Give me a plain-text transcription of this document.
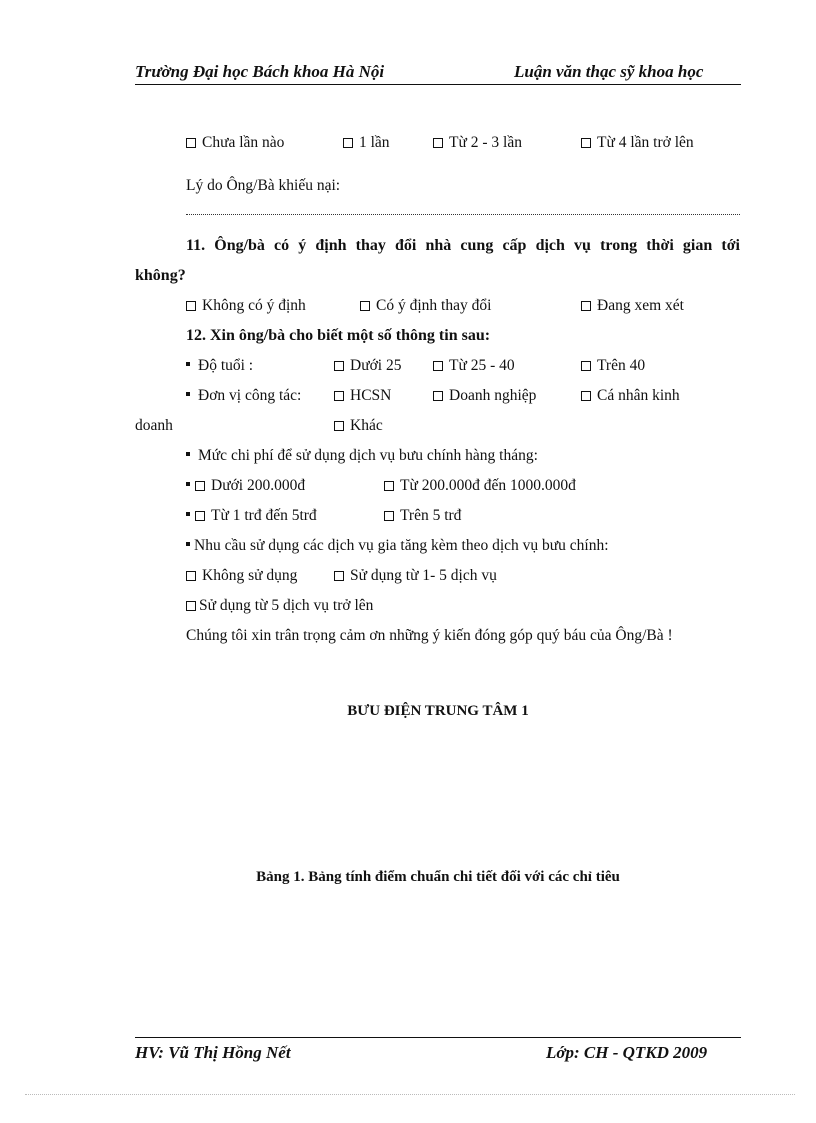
Trường Đại học Bách khoa Hà Nội	Luận văn thạc sỹ khoa học
Chưa lần nào	1 lần	Từ 2 - 3 lần	Từ 4 lần trở lên
Lý do Ông/Bà khiếu nại:
11. Ông/bà có ý định thay đổi nhà cung cấp dịch vụ trong thời gian tới
không?
Không có ý định	Có ý định thay đổi	Đang xem xét
12. Xin ông/bà cho biết một số thông tin sau:
Độ tuổi :	Dưới 25	Từ 25 - 40	Trên 40
Đơn vị công tác:	HCSN	Doanh nghiệp	Cá nhân kinh
doanh	Khác
Mức chi phí để sử dụng dịch vụ bưu chính hàng tháng:
Dưới 200.000đ	Từ 200.000đ đến 1000.000đ
Từ 1 trđ đến 5trđ	Trên 5 trđ
Nhu cầu sử dụng các dịch vụ gia tăng kèm theo dịch vụ bưu chính:
Không sử dụng	Sử dụng từ 1- 5 dịch vụ
Sử dụng từ 5 dịch vụ trở lên
Chúng tôi xin trân trọng cảm ơn những ý kiến đóng góp quý báu của Ông/Bà !
BƯU ĐIỆN TRUNG TÂM 1
Bảng 1. Bảng tính điểm chuẩn chi tiết đối với các chỉ tiêu
HV: Vũ Thị Hồng Nết	Lớp: CH - QTKD 2009
